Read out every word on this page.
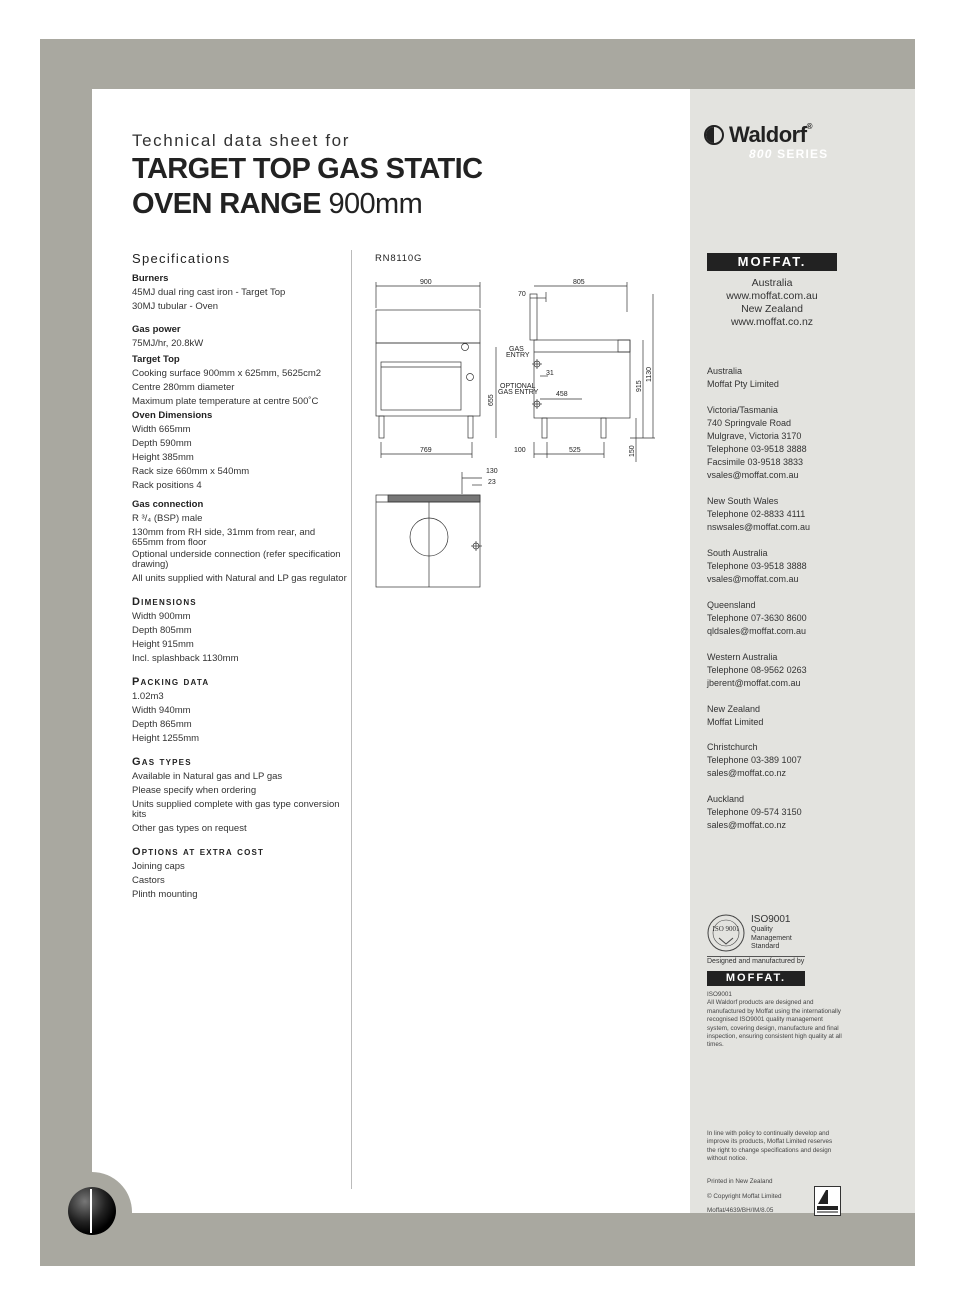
Technical data sheet for
TARGET TOP GAS STATIC
OVEN RANGE 900mm
Specifications
Burners
45MJ dual ring cast iron - Target Top
30MJ tubular - Oven
Gas power
75MJ/hr, 20.8kW
Target Top
Cooking surface 900mm x 625mm, 5625cm2
Centre 280mm diameter
Maximum plate temperature at centre 500˚C
Oven Dimensions
Width 665mm
Depth 590mm
Height 385mm
Rack size 660mm x 540mm
Rack positions 4
Gas connection
R ³/₄ (BSP) male
130mm from RH side, 31mm from rear, and 655mm from floor
Optional underside connection (refer specification drawing)
All units supplied with Natural and LP gas regulator
Dimensions
Width 900mm
Depth 805mm
Height 915mm
Incl. splashback 1130mm
Packing data
1.02m3
Width 940mm
Depth 865mm
Height 1255mm
Gas types
Available in Natural gas and LP gas
Please specify when ordering
Units supplied complete with gas type conversion kits
Other gas types on request
Options at extra cost
Joining caps
Castors
Plinth mounting
RN8110G
900	805
70
GAS
ENTRY
31
OPTIONAL
GAS ENTRY	458
655
915
1130
769	100	525	150
130
23
Waldorf®
800 SERIES
MOFFAT.
Australia
www.moffat.com.au
New Zealand
www.moffat.co.nz
Australia
Moffat Pty Limited
Victoria/Tasmania
740 Springvale Road
Mulgrave, Victoria 3170
Telephone 03-9518 3888
Facsimile 03-9518 3833
vsales@moffat.com.au
New South Wales
Telephone 02-8833 4111
nswsales@moffat.com.au
South Australia
Telephone 03-9518 3888
vsales@moffat.com.au
Queensland
Telephone 07-3630 8600
qldsales@moffat.com.au
Western Australia
Telephone 08-9562 0263
jberent@moffat.com.au
New Zealand
Moffat Limited
Christchurch
Telephone 03-389 1007
sales@moffat.co.nz
Auckland
Telephone 09-574 3150
sales@moffat.co.nz
ISO 9001
ISO9001
Quality
Management
Standard
Designed and manufactured by
MOFFAT.
ISO9001
All Waldorf products are designed and manufactured by Moffat using the internationally recognised ISO9001 quality management system, covering design, manufacture and final inspection, ensuring consistent high quality at all times.
In line with policy to continually develop and improve its products, Moffat Limited reserves the right to change specifications and design without notice.
Printed in New Zealand
© Copyright Moffat Limited
Moffat/4639/BH/IM/8.05
